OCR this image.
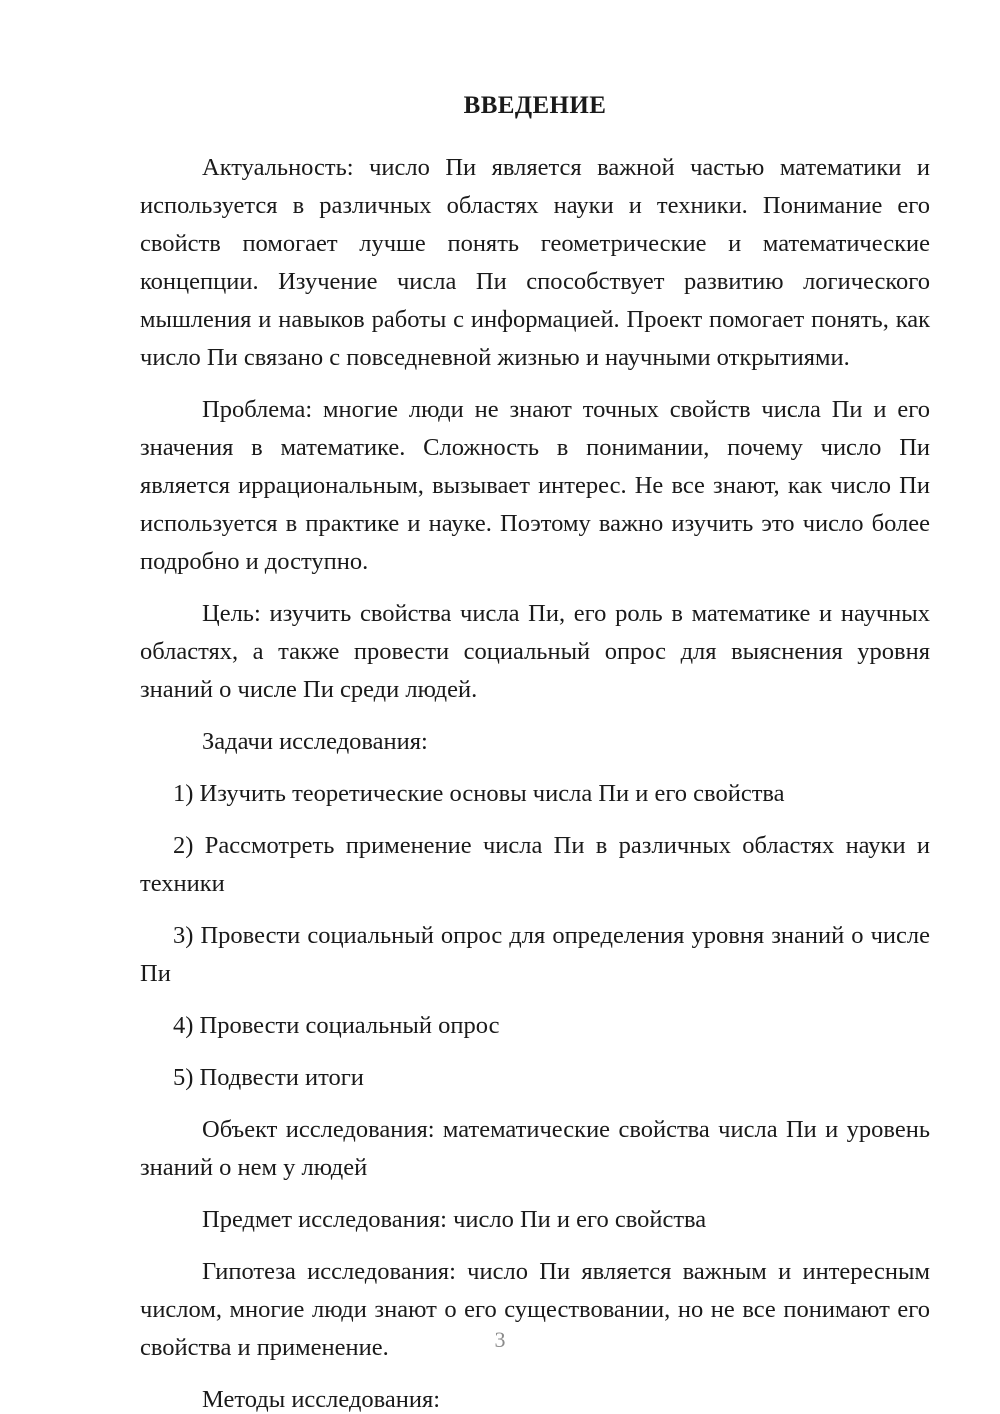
ВВЕДЕНИЕ

Актуальность: число Пи является важной частью математики и используется в различных областях науки и техники. Понимание его свойств помогает лучше понять геометрические и математические концепции. Изучение числа Пи способствует развитию логического мышления и навыков работы с информацией. Проект помогает понять, как число Пи связано с повседневной жизнью и научными открытиями.

Проблема: многие люди не знают точных свойств числа Пи и его значения в математике. Сложность в понимании, почему число Пи является иррациональным, вызывает интерес. Не все знают, как число Пи используется в практике и науке. Поэтому важно изучить это число более подробно и доступно.

Цель: изучить свойства числа Пи, его роль в математике и научных областях, а также провести социальный опрос для выяснения уровня знаний о числе Пи среди людей.

Задачи исследования:

1) Изучить теоретические основы числа Пи и его свойства

2) Рассмотреть применение числа Пи в различных областях науки и техники

3) Провести социальный опрос для определения уровня знаний о числе Пи

4) Провести социальный опрос

5) Подвести итоги

Объект исследования: математические свойства числа Пи и уровень знаний о нем у людей

Предмет исследования: число Пи и его свойства

Гипотеза исследования: число Пи является важным и интересным числом, многие люди знают о его существовании, но не все понимают его свойства и применение.

Методы исследования:

3
